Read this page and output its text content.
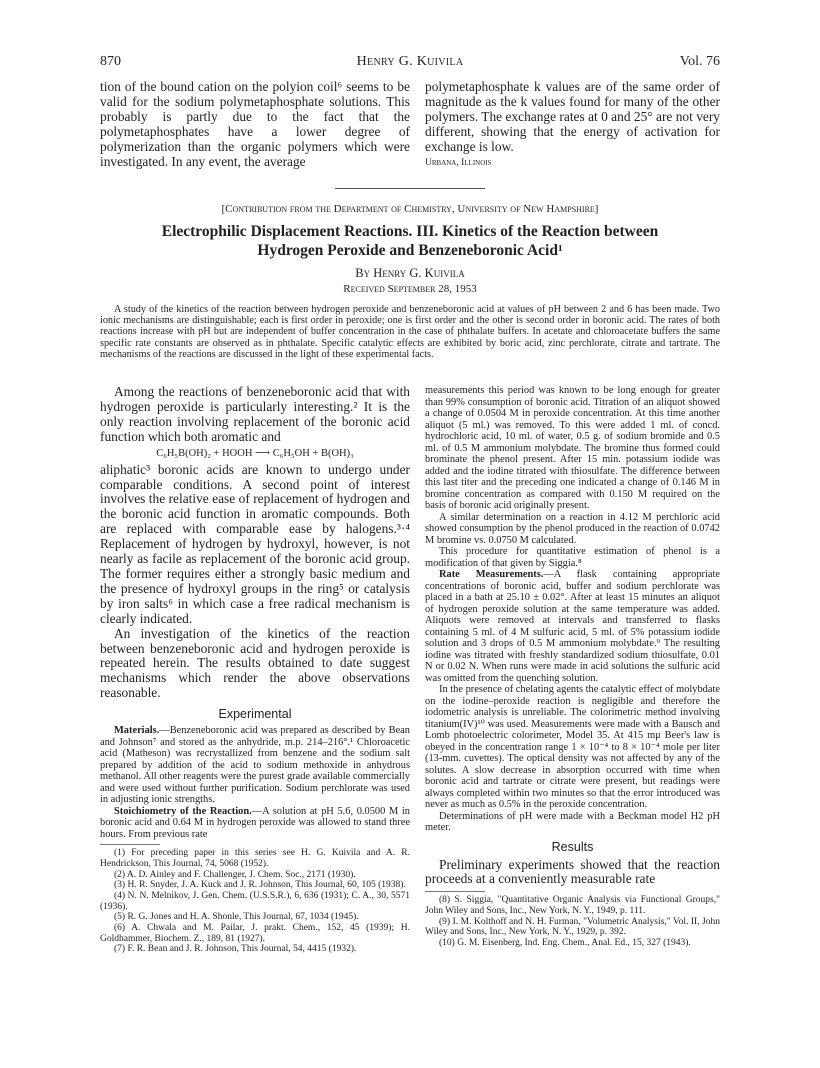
870	Henry G. Kuivila	Vol. 76

tion of the bound cation on the polyion coil⁶ seems to be valid for the sodium polymetaphosphate solutions. This probably is partly due to the fact that the polymetaphosphates have a lower degree of polymerization than the organic polymers which were investigated. In any event, the average

polymetaphosphate k values are of the same order of magnitude as the k values found for many of the other polymers. The exchange rates at 0 and 25° are not very different, showing that the energy of activation for exchange is low.

Urbana, Illinois

[Contribution from the Department of Chemistry, University of New Hampshire]
Electrophilic Displacement Reactions. III. Kinetics of the Reaction between
Hydrogen Peroxide and Benzeneboronic Acid¹
By Henry G. Kuivila
Received September 28, 1953

A study of the kinetics of the reaction between hydrogen peroxide and benzeneboronic acid at values of pH between 2 and 6 has been made. Two ionic mechanisms are distinguishable; each is first order in peroxide; one is first order and the other is second order in boronic acid. The rates of both reactions increase with pH but are independent of buffer concentration in the case of phthalate buffers. In acetate and chloroacetate buffers the same specific rate constants are observed as in phthalate. Specific catalytic effects are exhibited by boric acid, zinc perchlorate, citrate and tartrate. The mechanisms of the reactions are discussed in the light of these experimental facts.

Among the reactions of benzeneboronic acid that with hydrogen peroxide is particularly interesting.² It is the only reaction involving replacement of the boronic acid function which both aromatic and

C₆H₅B(OH)₂ + HOOH ⟶ C₆H₅OH + B(OH)₃

aliphatic³ boronic acids are known to undergo under comparable conditions. A second point of interest involves the relative ease of replacement of hydrogen and the boronic acid function in aromatic compounds. Both are replaced with comparable ease by halogens.³·⁴ Replacement of hydrogen by hydroxyl, however, is not nearly as facile as replacement of the boronic acid group. The former requires either a strongly basic medium and the presence of hydroxyl groups in the ring⁵ or catalysis by iron salts⁶ in which case a free radical mechanism is clearly indicated.

An investigation of the kinetics of the reaction between benzeneboronic acid and hydrogen peroxide is repeated herein. The results obtained to date suggest mechanisms which render the above observations reasonable.

Experimental

Materials.—Benzeneboronic acid was prepared as described by Bean and Johnson⁷ and stored as the anhydride, m.p. 214–216°.¹ Chloroacetic acid (Matheson) was recrystallized from benzene and the sodium salt prepared by addition of the acid to sodium methoxide in anhydrous methanol. All other reagents were the purest grade available commercially and were used without further purification. Sodium perchlorate was used in adjusting ionic strengths.

Stoichiometry of the Reaction.—A solution at pH 5.6, 0.0500 M in boronic acid and 0.64 M in hydrogen peroxide was allowed to stand three hours. From previous rate

(1) For preceding paper in this series see H. G. Kuivila and A. R. Hendrickson, This Journal, 74, 5068 (1952).

(2) A. D. Ainley and F. Challenger, J. Chem. Soc., 2171 (1930).

(3) H. R. Snyder, J. A. Kuck and J. R. Johnson, This Journal, 60, 105 (1938).

(4) N. N. Melnikov, J. Gen. Chem. (U.S.S.R.), 6, 636 (1931); C. A., 30, 5571 (1936).

(5) R. G. Jones and H. A. Shonle, This Journal, 67, 1034 (1945).

(6) A. Chwala and M. Pailar, J. prakt. Chem., 152, 45 (1939); H. Goldhammer, Biochem. Z., 189, 81 (1927).

(7) F. R. Bean and J. R. Johnson, This Journal, 54, 4415 (1932).

measurements this period was known to be long enough for greater than 99% consumption of boronic acid. Titration of an aliquot showed a change of 0.0504 M in peroxide concentration. At this time another aliquot (5 ml.) was removed. To this were added 1 ml. of concd. hydrochloric acid, 10 ml. of water, 0.5 g. of sodium bromide and 0.5 ml. of 0.5 M ammonium molybdate. The bromine thus formed could brominate the phenol present. After 15 min. potassium iodide was added and the iodine titrated with thiosulfate. The difference between this last titer and the preceding one indicated a change of 0.146 M in bromine concentration as compared with 0.150 M required on the basis of boronic acid originally present.

A similar determination on a reaction in 4.12 M perchloric acid showed consumption by the phenol produced in the reaction of 0.0742 M bromine vs. 0.0750 M calculated.

This procedure for quantitative estimation of phenol is a modification of that given by Siggia.⁸

Rate Measurements.—A flask containing appropriate concentrations of boronic acid, buffer and sodium perchlorate was placed in a bath at 25.10 ± 0.02°. After at least 15 minutes an aliquot of hydrogen peroxide solution at the same temperature was added. Aliquots were removed at intervals and transferred to flasks containing 5 ml. of 4 M sulfuric acid, 5 ml. of 5% potassium iodide solution and 3 drops of 0.5 M ammonium molybdate.⁹ The resulting iodine was titrated with freshly standardized sodium thiosulfate, 0.01 N or 0.02 N. When runs were made in acid solutions the sulfuric acid was omitted from the quenching solution.

In the presence of chelating agents the catalytic effect of molybdate on the iodine–peroxide reaction is negligible and therefore the iodometric analysis is unreliable. The colorimetric method involving titanium(IV)¹⁰ was used. Measurements were made with a Bausch and Lomb photoelectric colorimeter, Model 35. At 415 mμ Beer's law is obeyed in the concentration range 1 × 10⁻⁴ to 8 × 10⁻⁴ mole per liter (13-mm. cuvettes). The optical density was not affected by any of the solutes. A slow decrease in absorption occurred with time when boronic acid and tartrate or citrate were present, but readings were always completed within two minutes so that the error introduced was never as much as 0.5% in the peroxide concentration.

Determinations of pH were made with a Beckman model H2 pH meter.

Results

Preliminary experiments showed that the reaction proceeds at a conveniently measurable rate

(8) S. Siggia, "Quantitative Organic Analysis via Functional Groups," John Wiley and Sons, Inc., New York, N. Y., 1949, p. 111.

(9) I. M. Kolthoff and N. H. Furman, "Volumetric Analysis," Vol. II, John Wiley and Sons, Inc., New York, N. Y., 1929, p. 392.

(10) G. M. Eisenberg, Ind. Eng. Chem., Anal. Ed., 15, 327 (1943).
